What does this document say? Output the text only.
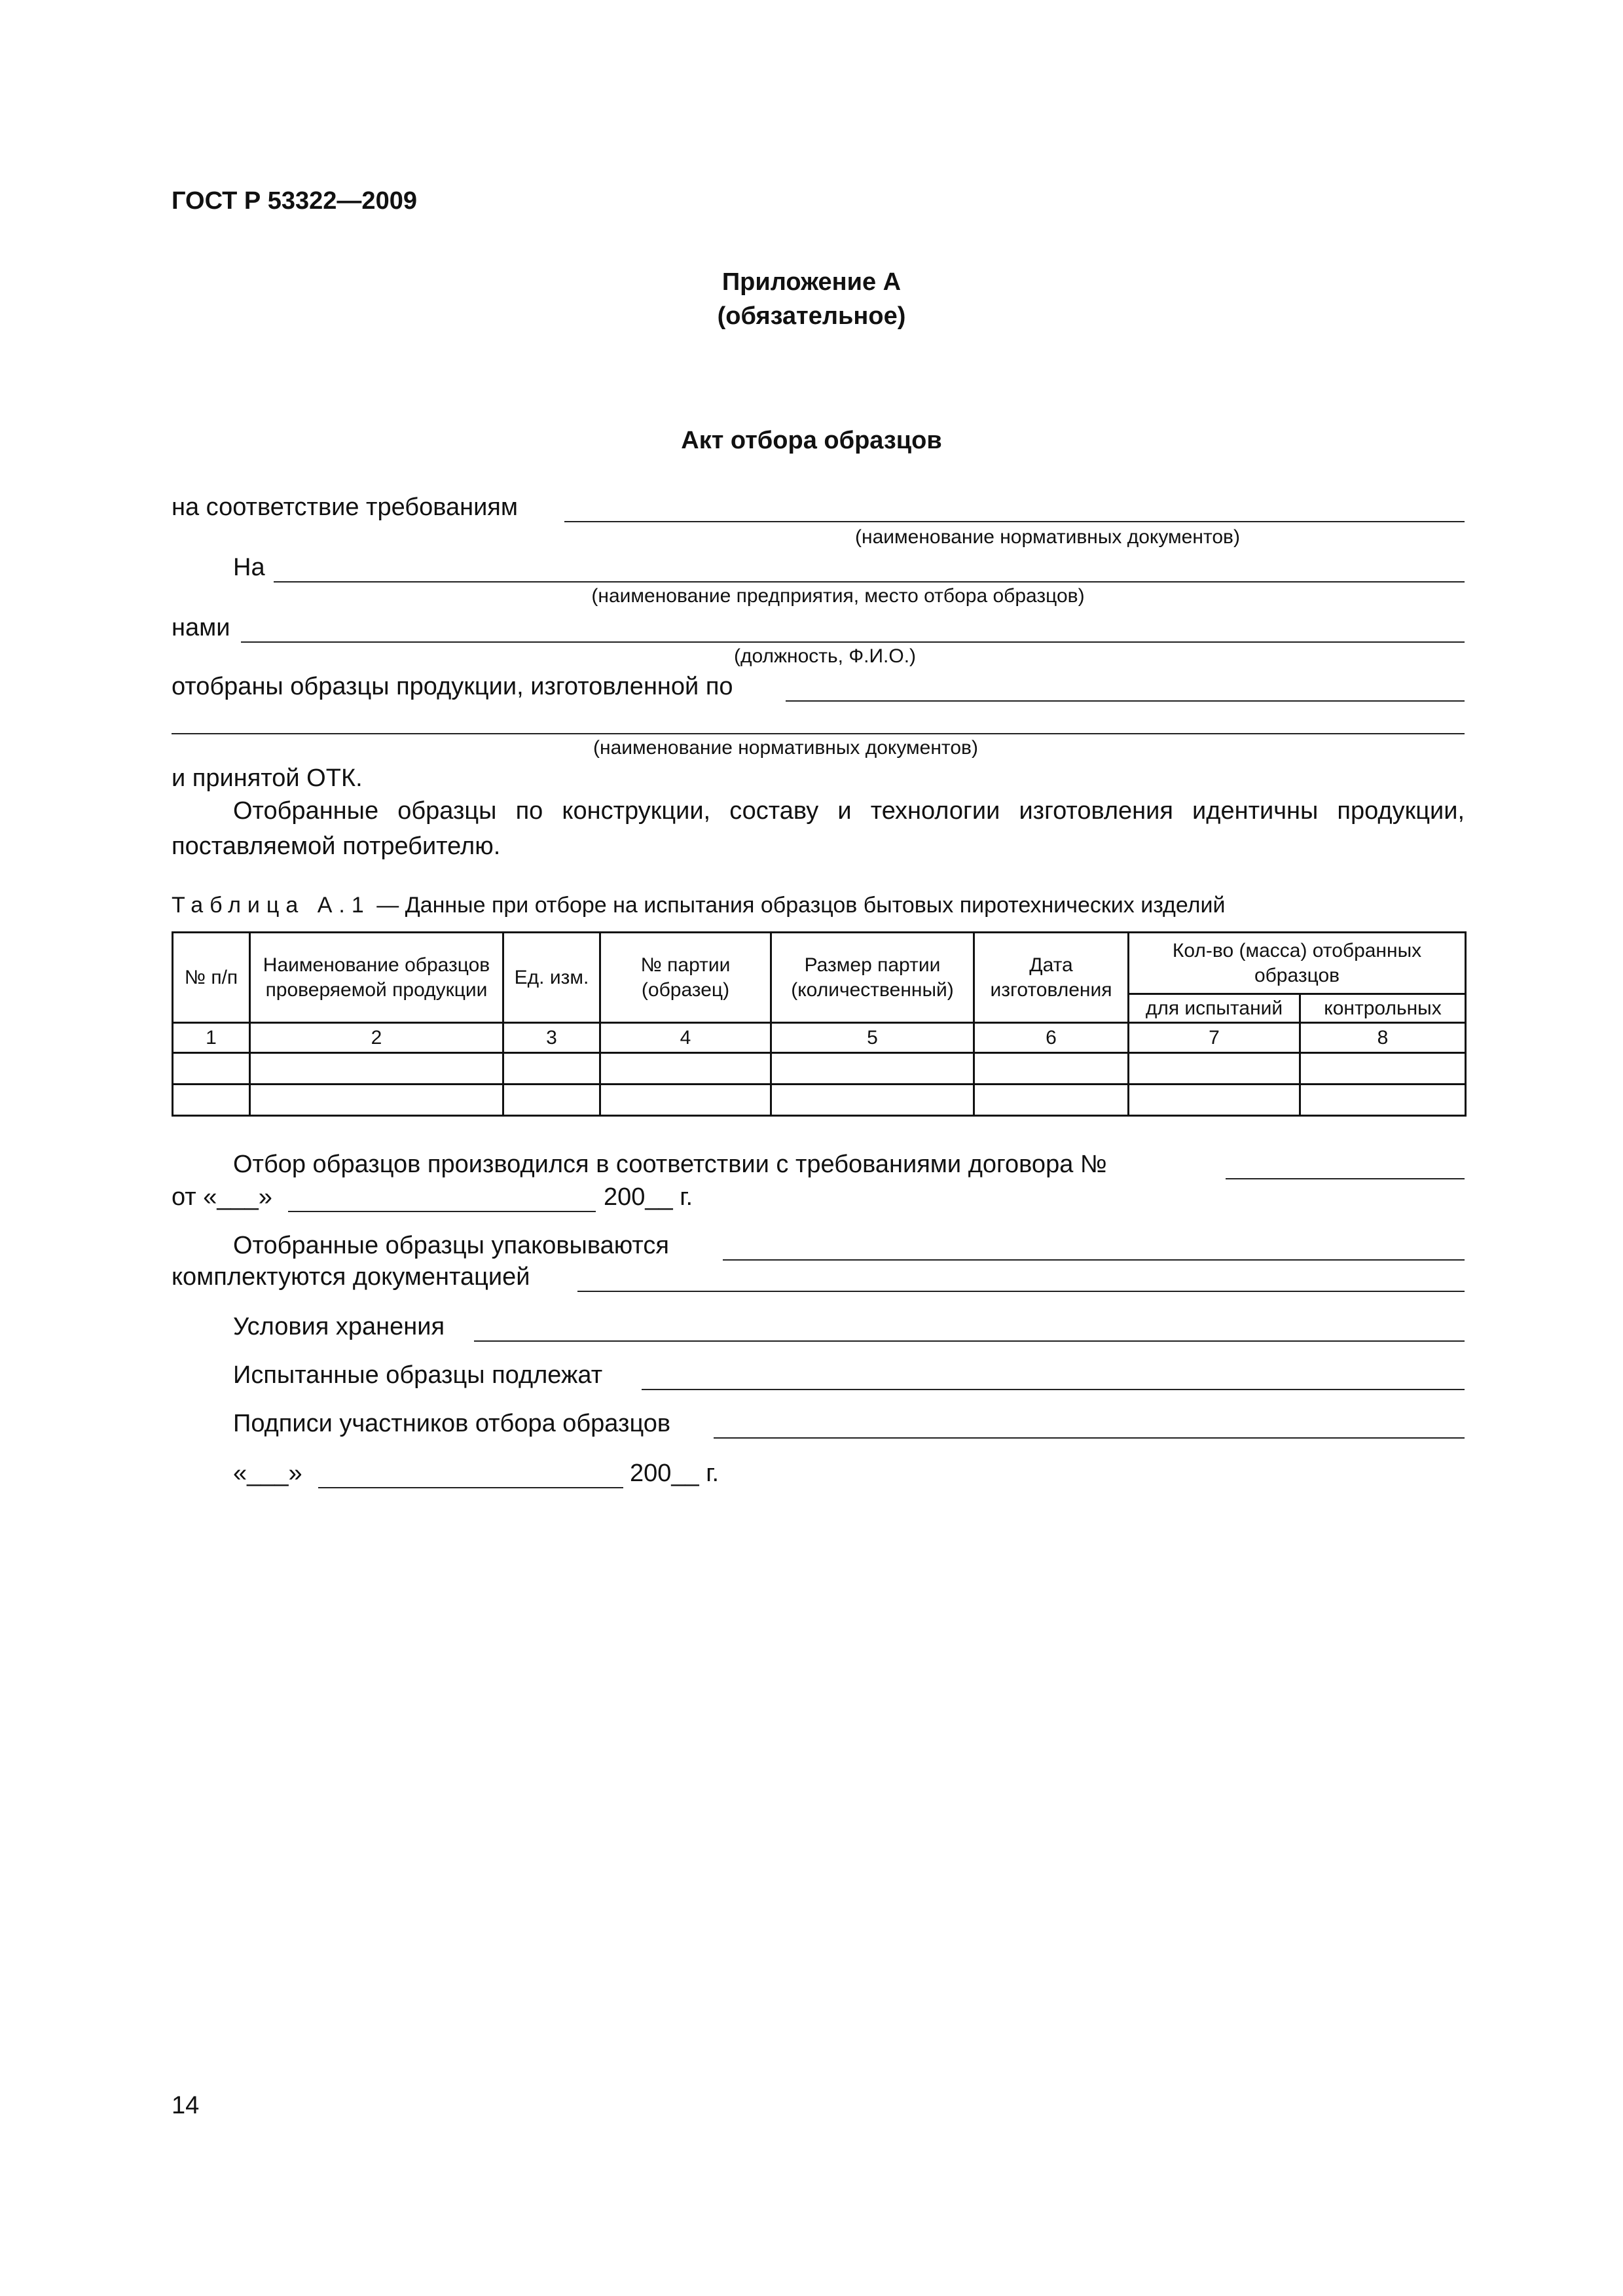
ГОСТ Р 53322—2009
Приложение А
(обязательное)
Акт отбора образцов
на соответствие требованиям
(наименование нормативных документов)
На
(наименование предприятия, место отбора образцов)
нами
(должность, Ф.И.О.)
отобраны образцы продукции, изготовленной по
(наименование нормативных документов)
и принятой ОТК.
Отобранные образцы по конструкции, составу и технологии изготовления идентичны продукции, поставляемой потребителю.
Таблица А.1 — Данные при отборе на испытания образцов бытовых пиротехнических изделий
№ п/п	Наименование образцов проверяемой продукции	Ед. изм.	№ партии (образец)	Размер партии (количественный)	Дата изготовления	Кол-во (масса) отобранных образцов	
						для испытаний	контрольных
1	2	3	4	5	6	7	8

Отбор образцов производился в соответствии с требованиями договора №
от «___»	200__ г.
Отобранные образцы упаковываются
комплектуются документацией
Условия хранения
Испытанные образцы подлежат
Подписи участников отбора образцов
«___»	200__ г.
14
